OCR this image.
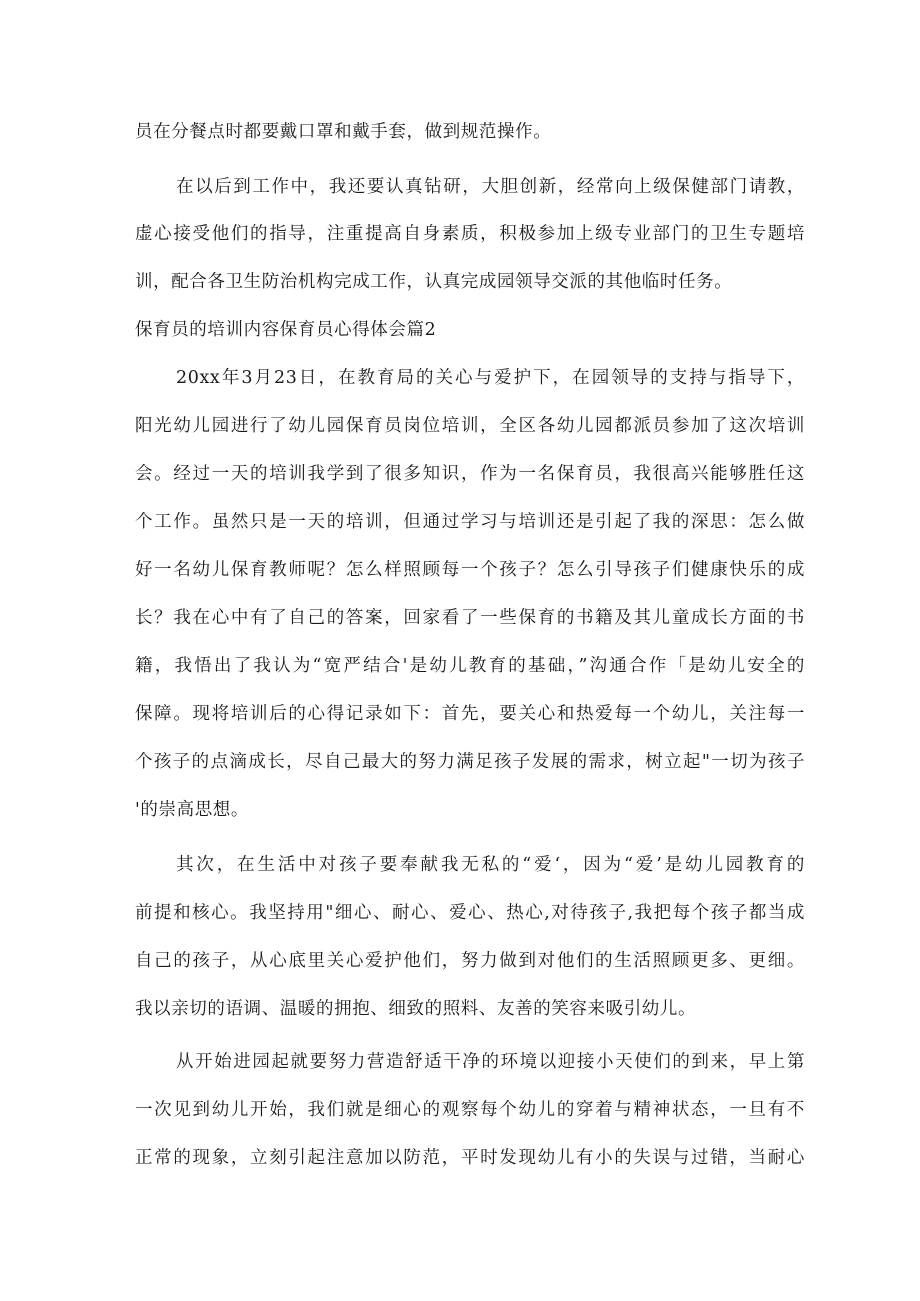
员在分餐点时都要戴口罩和戴手套，做到规范操作。
在以后到工作中，我还要认真钻研，大胆创新，经常向上级保健部门请教，
虚心接受他们的指导，注重提高自身素质，积极参加上级专业部门的卫生专题培
训，配合各卫生防治机构完成工作，认真完成园领导交派的其他临时任务。
保育员的培训内容保育员心得体会篇2
20xx年3月23日，在教育局的关心与爱护下，在园领导的支持与指导下，
阳光幼儿园进行了幼儿园保育员岗位培训，全区各幼儿园都派员参加了这次培训
会。经过一天的培训我学到了很多知识，作为一名保育员，我很高兴能够胜任这
个工作。虽然只是一天的培训，但通过学习与培训还是引起了我的深思：怎么做
好一名幼儿保育教师呢？怎么样照顾每一个孩子？怎么引导孩子们健康快乐的成
长？我在心中有了自己的答案，回家看了一些保育的书籍及其儿童成长方面的书
籍，我悟出了我认为“宽严结合'是幼儿教育的基础，”沟通合作「是幼儿安全的
保障。现将培训后的心得记录如下：首先，要关心和热爱每一个幼儿，关注每一
个孩子的点滴成长，尽自己最大的努力满足孩子发展的需求，树立起"一切为孩子
'的崇高思想。
其次，在生活中对孩子要奉献我无私的“爱‘，因为“爱’是幼儿园教育的
前提和核心。我坚持用"细心、耐心、爱心、热心,对待孩子,我把每个孩子都当成
自己的孩子，从心底里关心爱护他们，努力做到对他们的生活照顾更多、更细。
我以亲切的语调、温暖的拥抱、细致的照料、友善的笑容来吸引幼儿。
从开始进园起就要努力营造舒适干净的环境以迎接小天使们的到来，早上第
一次见到幼儿开始，我们就是细心的观察每个幼儿的穿着与精神状态，一旦有不
正常的现象，立刻引起注意加以防范，平时发现幼儿有小的失误与过错，当耐心
